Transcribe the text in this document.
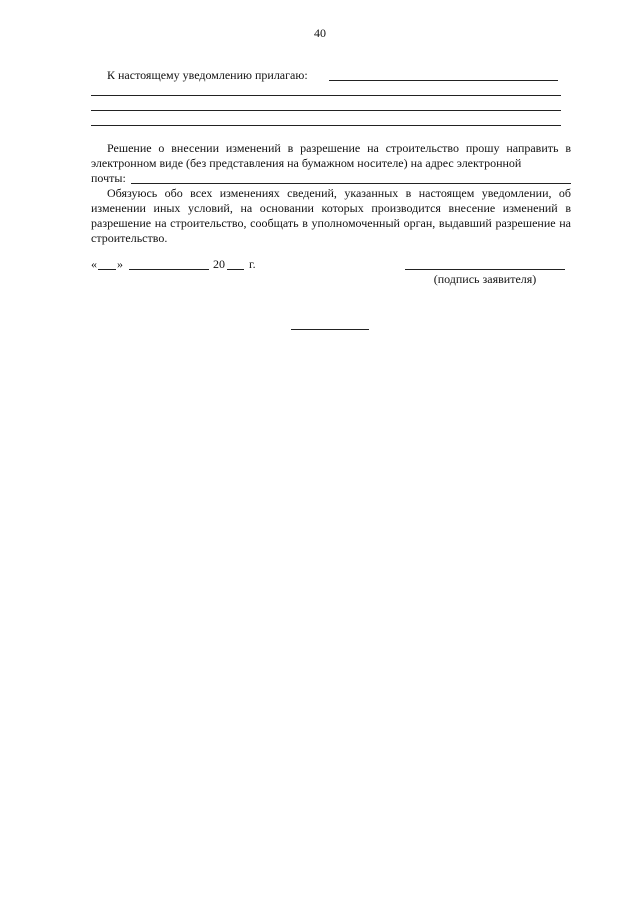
40
К настоящему уведомлению прилагаю:
Решение о внесении изменений в разрешение на строительство прошу направить в электронном виде (без представления на бумажном носителе) на адрес электронной
почты:
Обязуюсь обо всех изменениях сведений, указанных в настоящем уведомлении, об изменении иных условий, на основании которых производится внесение изменений в разрешение на строительство, сообщать в уполномоченный орган, выдавший разрешение на строительство.
« »	20 г.
(подпись заявителя)
